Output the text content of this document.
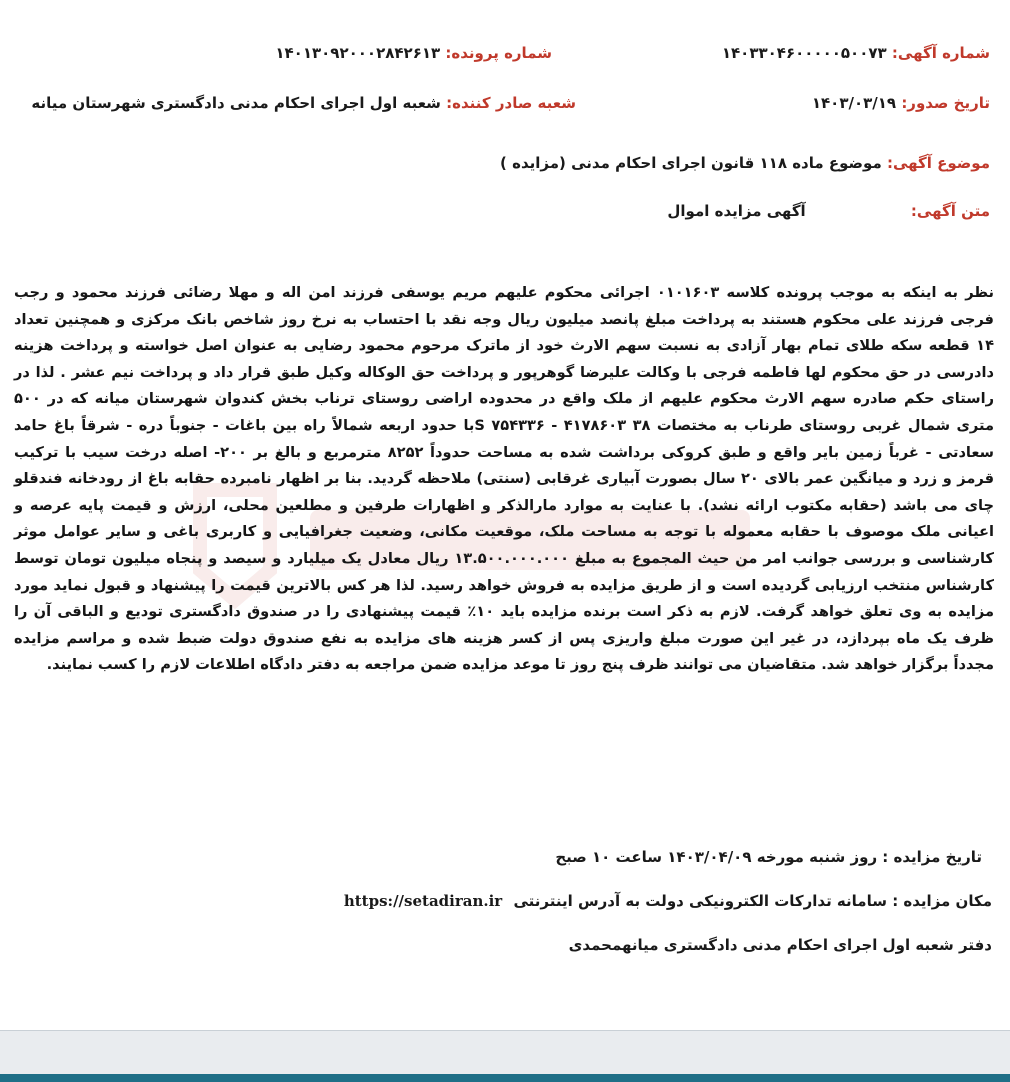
شماره آگهی: ۱۴۰۳۳۰۴۶۰۰۰۰۰۵۰۰۷۳
شماره پرونده: ۱۴۰۱۳۰۹۲۰۰۰۲۸۴۲۶۱۳
تاریخ صدور: ۱۴۰۳/۰۳/۱۹
شعبه صادر کننده: شعبه اول اجرای احکام مدنی دادگستری شهرستان میانه
موضوع آگهی: موضوع ماده ۱۱۸ قانون اجرای احکام مدنی (مزایده )
متن آگهی: آگهی مزایده اموال

نظر به اینکه به موجب پرونده کلاسه ۰۱۰۱۶۰۳ اجرائی محکوم علیهم مریم یوسفی فرزند امن اله و مهلا رضائی فرزند محمود و رجب فرجی فرزند علی محکوم هستند به پرداخت مبلغ پانصد میلیون ریال وجه نقد با احتساب به نرخ روز شاخص بانک مرکزی و همچنین تعداد ۱۴ قطعه سکه طلای تمام بهار آزادی به نسبت سهم الارث خود از ماترک مرحوم محمود رضایی به عنوان اصل خواسته و پرداخت هزینه دادرسی در حق محکوم لها فاطمه فرجی با وکالت علیرضا گوهرپور و پرداخت حق الوکاله وکیل طبق قرار داد و پرداخت نیم عشر . لذا در راستای حکم صادره سهم الارث محکوم علیهم از ملک واقع در محدوده اراضی روستای ترناب بخش کندوان شهرستان میانه که در ۵۰۰ متری شمال غربی روستای طرناب به مختصات ۳۸ S ۷۵۴۳۳۶ - ۴۱۷۸۶۰۳با حدود اربعه شمالاً راه بین باغات - جنوباً دره - شرقاً باغ حامد سعادتی - غرباً زمین بایر واقع و طبق کروکی برداشت شده به مساحت حدوداً ۸۲۵۲ مترمربع و بالغ بر ۲۰۰- اصله درخت سیب با ترکیب قرمز و زرد و میانگین عمر بالای ۲۰ سال بصورت آبیاری غرقابی (سنتی) ملاحظه گردید. بنا بر اظهار نامبرده حقابه باغ از رودخانه فندقلو چای می باشد (حقابه مکتوب ارائه نشد). با عنایت به موارد مارالذکر و اظهارات طرفین و مطلعین محلی، ارزش و قیمت پایه عرصه و اعیانی ملک موصوف با حقابه معموله با توجه به مساحت ملک، موقعیت مکانی، وضعیت جغرافیایی و کاربری باغی و سایر عوامل موثر کارشناسی و بررسی جوانب امر من حیث المجموع به مبلغ ۱۳.۵۰۰.۰۰۰.۰۰۰ ریال معادل یک میلیارد و سیصد و پنجاه میلیون تومان توسط کارشناس منتخب ارزیابی گردیده است و از طریق مزایده به فروش خواهد رسید. لذا هر کس بالاترین قیمت را پیشنهاد و قبول نماید مورد مزایده به وی تعلق خواهد گرفت. لازم به ذکر است برنده مزایده باید ۱۰٪ قیمت پیشنهادی را در صندوق دادگستری تودیع و الباقی آن را ظرف یک ماه بپردازد، در غیر این صورت مبلغ واریزی پس از کسر هزینه های مزایده به نفع صندوق دولت ضبط شده و مراسم مزایده مجدداً برگزار خواهد شد. متقاضیان می توانند ظرف پنج روز تا موعد مزایده ضمن مراجعه به دفتر دادگاه اطلاعات لازم را کسب نمایند.

تاریخ مزایده : روز شنبه مورخه ۱۴۰۳/۰۴/۰۹ ساعت ۱۰ صبح
مکان مزایده : سامانه تدارکات الکترونیکی دولت به آدرس اینترنتی https://setadiran.ir
دفتر شعبه اول اجرای احکام مدنی دادگستری میانهمحمدی
